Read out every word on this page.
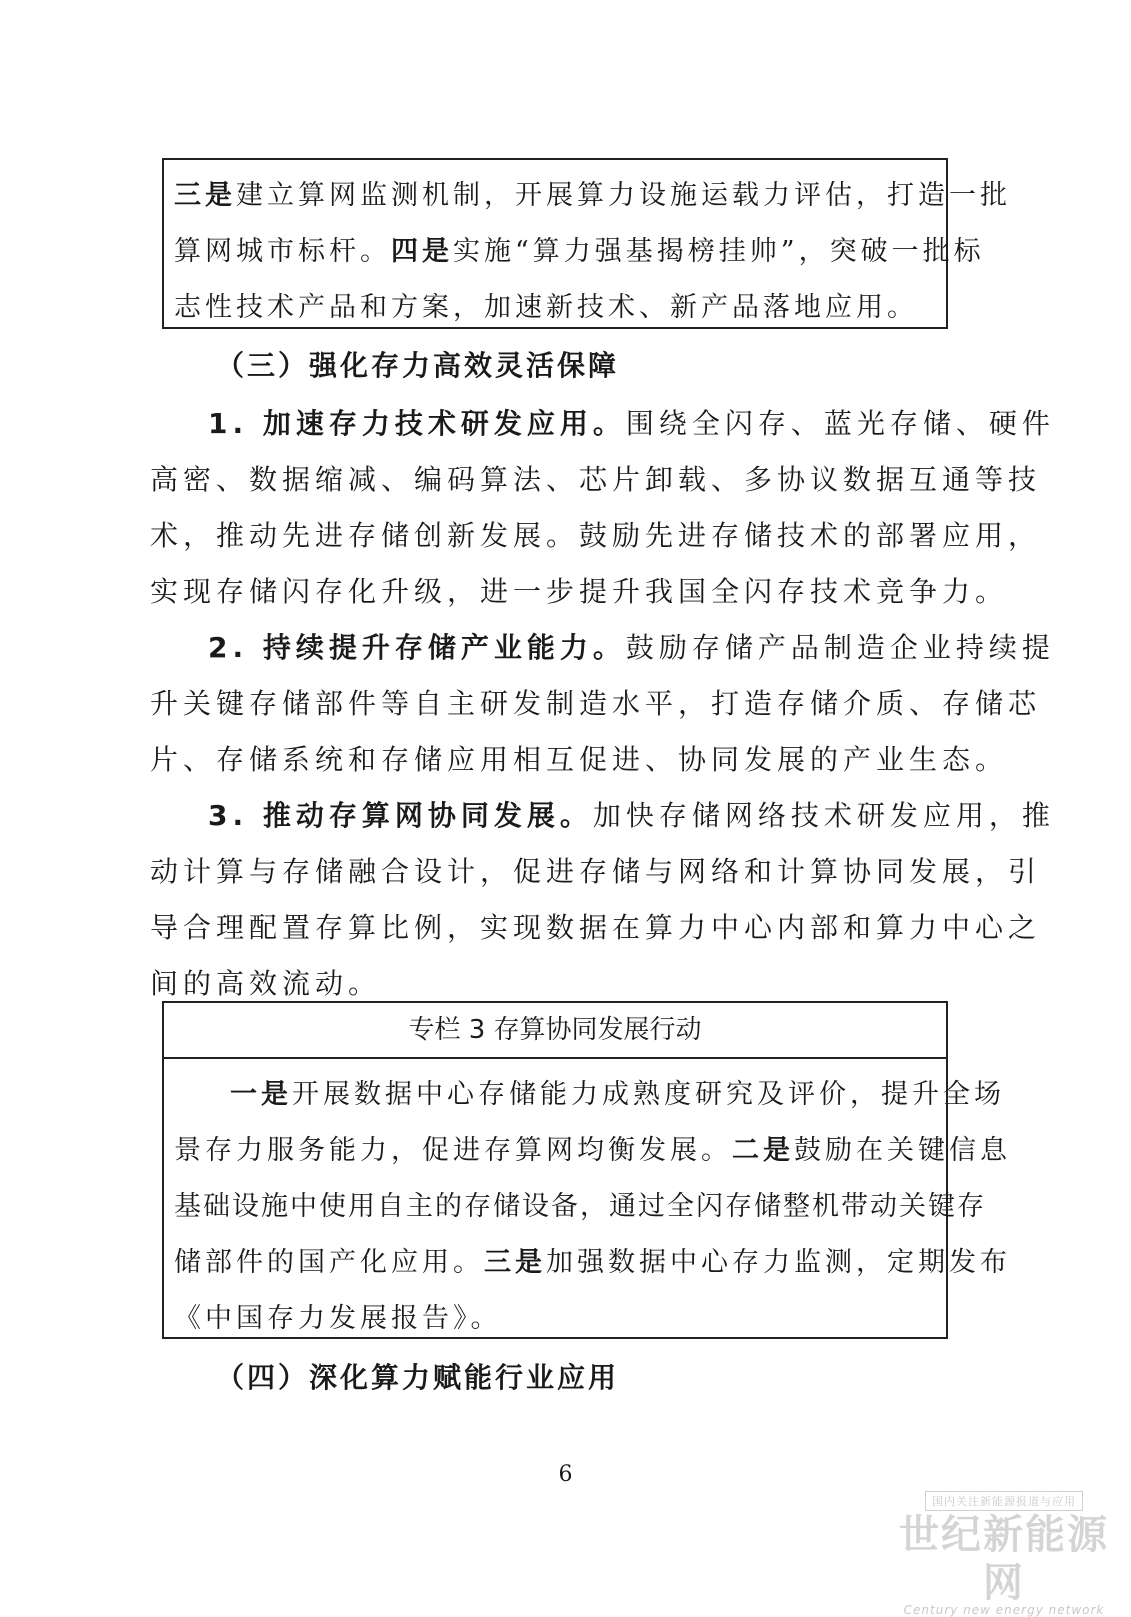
三是建立算网监测机制，开展算力设施运载力评估，打造一批
算网城市标杆。四是实施“算力强基揭榜挂帅”，突破一批标
志性技术产品和方案，加速新技术、新产品落地应用。
（三）强化存力高效灵活保障
1. 加速存力技术研发应用。围绕全闪存、蓝光存储、硬件
高密、数据缩减、编码算法、芯片卸载、多协议数据互通等技
术，推动先进存储创新发展。鼓励先进存储技术的部署应用，
实现存储闪存化升级，进一步提升我国全闪存技术竞争力。
2. 持续提升存储产业能力。鼓励存储产品制造企业持续提
升关键存储部件等自主研发制造水平，打造存储介质、存储芯
片、存储系统和存储应用相互促进、协同发展的产业生态。
3. 推动存算网协同发展。加快存储网络技术研发应用，推
动计算与存储融合设计，促进存储与网络和计算协同发展，引
导合理配置存算比例，实现数据在算力中心内部和算力中心之
间的高效流动。
专栏 3 存算协同发展行动
一是开展数据中心存储能力成熟度研究及评价，提升全场
景存力服务能力，促进存算网均衡发展。二是鼓励在关键信息
基础设施中使用自主的存储设备，通过全闪存储整机带动关键存
储部件的国产化应用。三是加强数据中心存力监测，定期发布
《中国存力发展报告》。
（四）深化算力赋能行业应用
6
国内关注新能源报道与应用
世纪新能源网
Century new energy network
